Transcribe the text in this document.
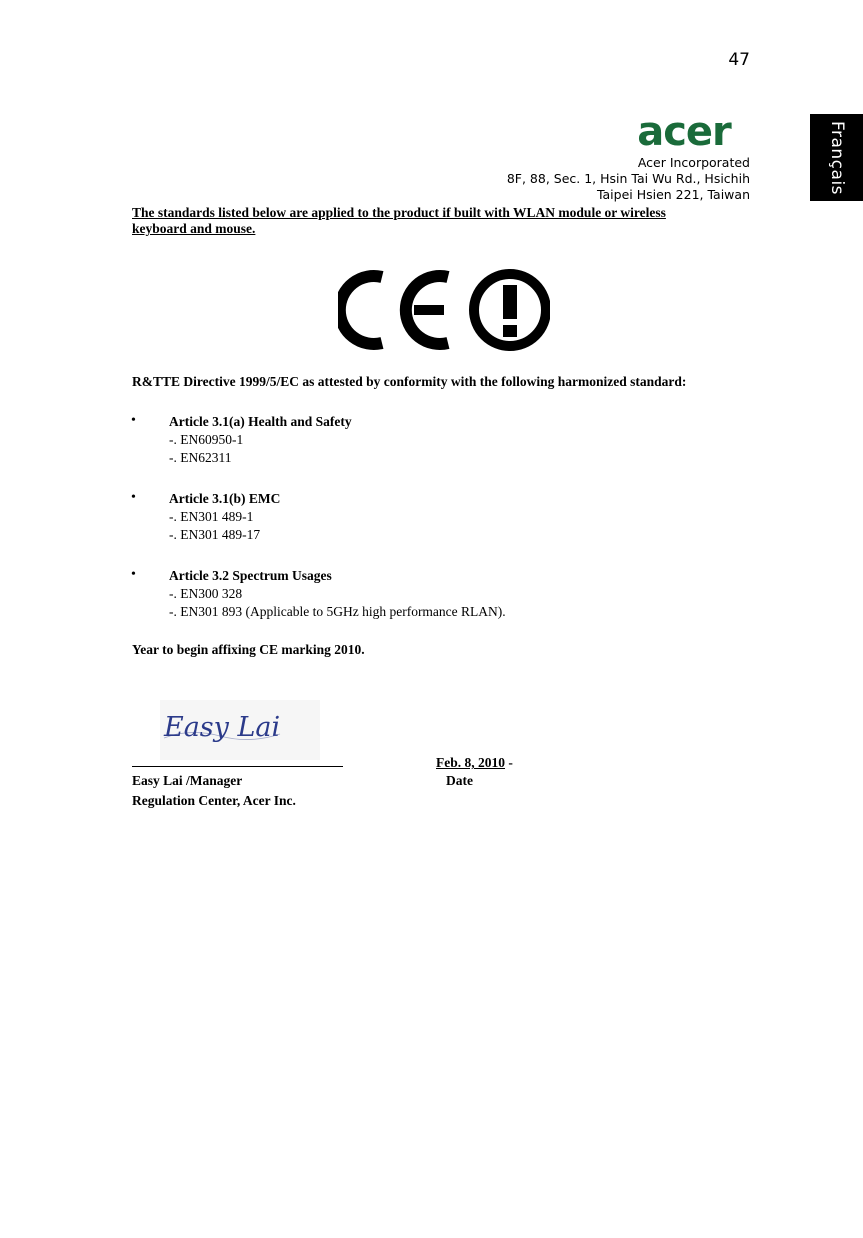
47
Français
acer
Acer Incorporated
8F, 88, Sec. 1, Hsin Tai Wu Rd., Hsichih
Taipei Hsien 221, Taiwan
The standards listed below are applied to the product if built with WLAN module or wireless
keyboard and mouse.
R&TTE Directive 1999/5/EC as attested by conformity with the following harmonized standard:
• Article 3.1(a) Health and Safety
-. EN60950-1
-. EN62311
• Article 3.1(b) EMC
-. EN301 489-1
-. EN301 489-17
• Article 3.2 Spectrum Usages
-. EN300 328
-. EN301 893 (Applicable to 5GHz high performance RLAN).
Year to begin affixing CE marking 2010.
Easy Lai
Feb. 8, 2010 -
Easy Lai /Manager	Date
Regulation Center, Acer Inc.
